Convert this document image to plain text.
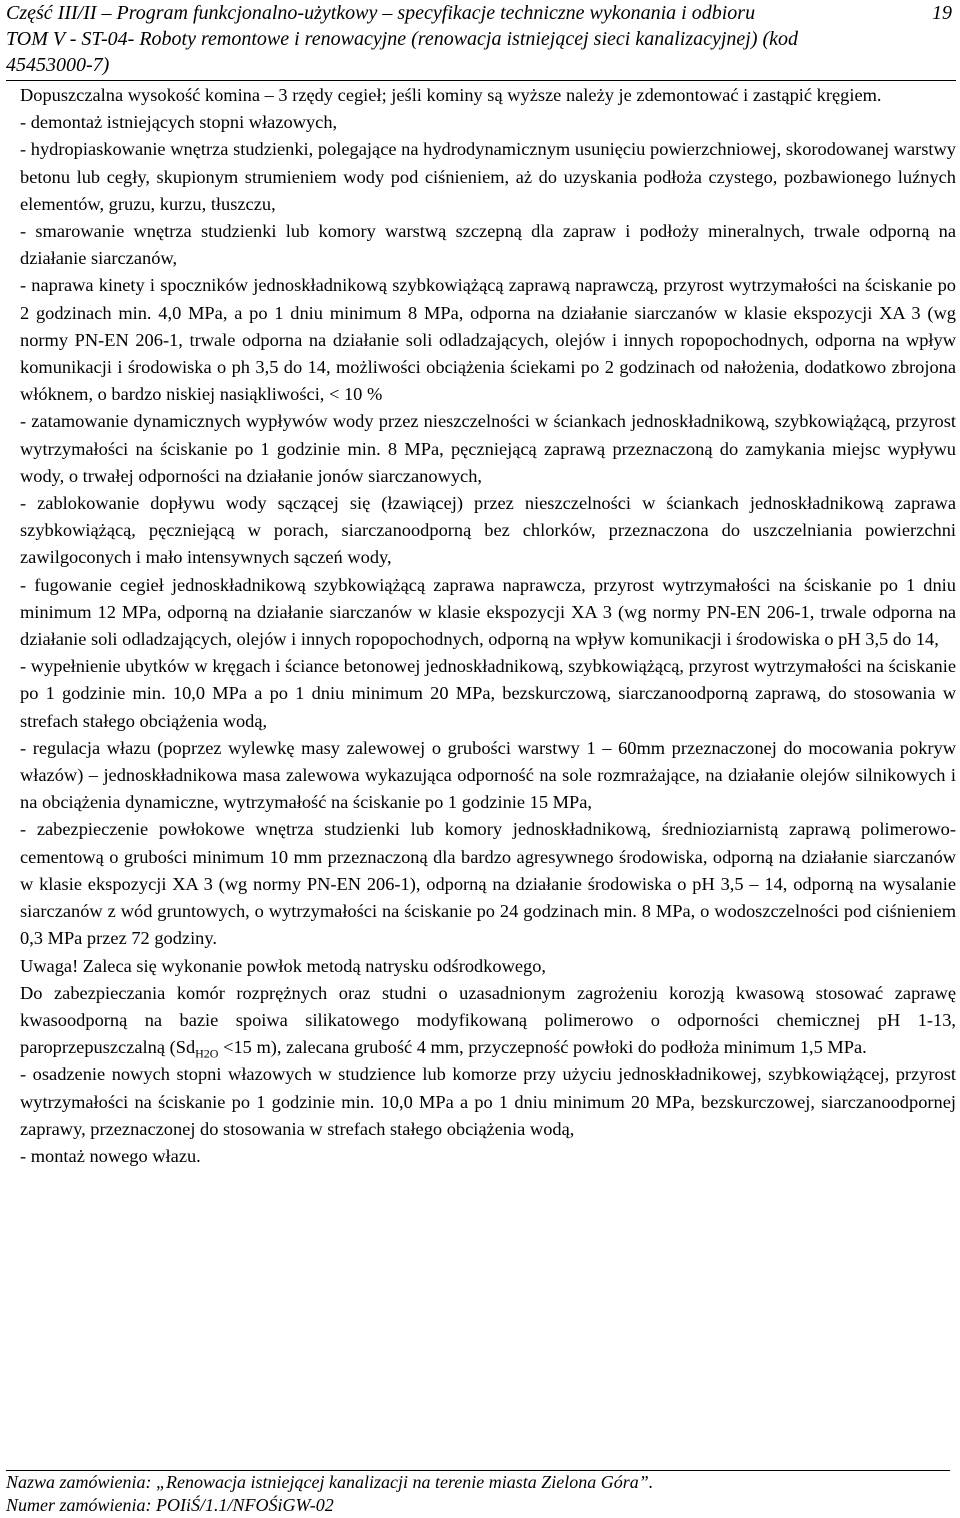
Część III/II – Program funkcjonalno-użytkowy – specyfikacje techniczne wykonania i odbioru	19
TOM V - ST-04- Roboty remontowe i renowacyjne (renowacja istniejącej sieci kanalizacyjnej) (kod
45453000-7)

Dopuszczalna wysokość komina – 3 rzędy cegieł; jeśli kominy są wyższe należy je zdemontować i zastąpić kręgiem.

- demontaż istniejących stopni włazowych,

- hydropiaskowanie wnętrza studzienki, polegające na hydrodynamicznym usunięciu powierzchniowej, skorodowanej warstwy betonu lub cegły, skupionym strumieniem wody pod ciśnieniem, aż do uzyskania podłoża czystego, pozbawionego luźnych elementów, gruzu, kurzu, tłuszczu,

- smarowanie wnętrza studzienki lub komory warstwą szczepną dla zapraw i podłoży mineralnych, trwale odporną na działanie siarczanów,

- naprawa kinety i spoczników jednoskładnikową szybkowiążącą zaprawą naprawczą, przyrost wytrzymałości na ściskanie po 2 godzinach min. 4,0 MPa, a po 1 dniu minimum 8 MPa, odporna na działanie siarczanów w klasie ekspozycji XA 3 (wg normy PN-EN 206-1, trwale odporna na działanie soli odladzających, olejów i innych ropopochodnych, odporna na wpływ komunikacji i środowiska o ph 3,5 do 14, możliwości obciążenia ściekami po 2 godzinach od nałożenia, dodatkowo zbrojona włóknem, o bardzo niskiej nasiąkliwości, < 10 %

- zatamowanie dynamicznych wypływów wody przez nieszczelności w ściankach jednoskładnikową, szybkowiążącą, przyrost wytrzymałości na ściskanie po 1 godzinie min. 8 MPa, pęczniejącą zaprawą przeznaczoną do zamykania miejsc wypływu wody, o trwałej odporności na działanie jonów siarczanowych,

- zablokowanie dopływu wody sączącej się (łzawiącej) przez nieszczelności w ściankach jednoskładnikową zaprawa szybkowiążącą, pęczniejącą w porach, siarczanoodporną bez chlorków, przeznaczona do uszczelniania powierzchni zawilgoconych i mało intensywnych sączeń wody,

- fugowanie cegieł jednoskładnikową szybkowiążącą zaprawa naprawcza, przyrost wytrzymałości na ściskanie po 1 dniu minimum 12 MPa, odporną na działanie siarczanów w klasie ekspozycji XA 3 (wg normy PN-EN 206-1, trwale odporna na działanie soli odladzających, olejów i innych ropopochodnych, odporną na wpływ komunikacji i środowiska o pH 3,5 do 14,

- wypełnienie ubytków w kręgach i ściance betonowej jednoskładnikową, szybkowiążącą, przyrost wytrzymałości na ściskanie po 1 godzinie min. 10,0 MPa a po 1 dniu minimum 20 MPa, bezskurczową, siarczanoodporną zaprawą, do stosowania w strefach stałego obciążenia wodą,

- regulacja włazu (poprzez wylewkę masy zalewowej o grubości warstwy 1 – 60mm przeznaczonej do mocowania pokryw włazów) – jednoskładnikowa masa zalewowa wykazująca odporność na sole rozmrażające, na działanie olejów silnikowych i na obciążenia dynamiczne, wytrzymałość na ściskanie po 1 godzinie 15 MPa,

- zabezpieczenie powłokowe wnętrza studzienki lub komory jednoskładnikową, średnioziarnistą zaprawą polimerowo-cementową o grubości minimum 10 mm przeznaczoną dla bardzo agresywnego środowiska, odporną na działanie siarczanów w klasie ekspozycji XA 3 (wg normy PN-EN 206-1), odporną na działanie środowiska o pH 3,5 – 14, odporną na wysalanie siarczanów z wód gruntowych, o wytrzymałości na ściskanie po 24 godzinach min. 8 MPa, o wodoszczelności pod ciśnieniem 0,3 MPa przez 72 godziny.

Uwaga! Zaleca się wykonanie powłok metodą natrysku odśrodkowego,

Do zabezpieczania komór rozprężnych oraz studni o uzasadnionym zagrożeniu korozją kwasową stosować zaprawę kwasoodporną na bazie spoiwa silikatowego modyfikowaną polimerowo o odporności chemicznej pH 1-13, paroprzepuszczalną ($Sd_{H2O} <15$ m), zalecana grubość 4 mm, przyczepność powłoki do podłoża minimum 1,5 MPa.

- osadzenie nowych stopni włazowych w studzience lub komorze przy użyciu jednoskładnikowej, szybkowiążącej, przyrost wytrzymałości na ściskanie po 1 godzinie min. 10,0 MPa a po 1 dniu minimum 20 MPa, bezskurczowej, siarczanoodpornej zaprawy, przeznaczonej do stosowania w strefach stałego obciążenia wodą,

- montaż nowego włazu.

Nazwa zamówienia: „Renowacja istniejącej kanalizacji na terenie miasta Zielona Góra”.
Numer zamówienia: POIiŚ/1.1/NFOŚiGW-02
